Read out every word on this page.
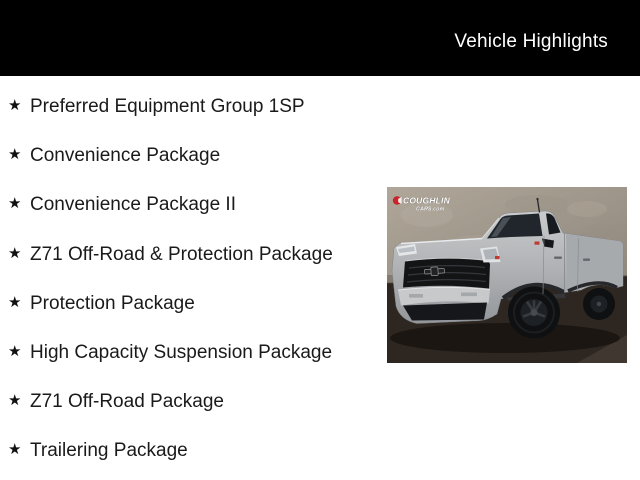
Vehicle Highlights
★ Preferred Equipment Group 1SP
★ Convenience Package
★ Convenience Package II
★ Z71 Off-Road & Protection Package
★ Protection Package
★ High Capacity Suspension Package
★ Z71 Off-Road Package
★ Trailering Package
COUGHLIN
CARS.com
